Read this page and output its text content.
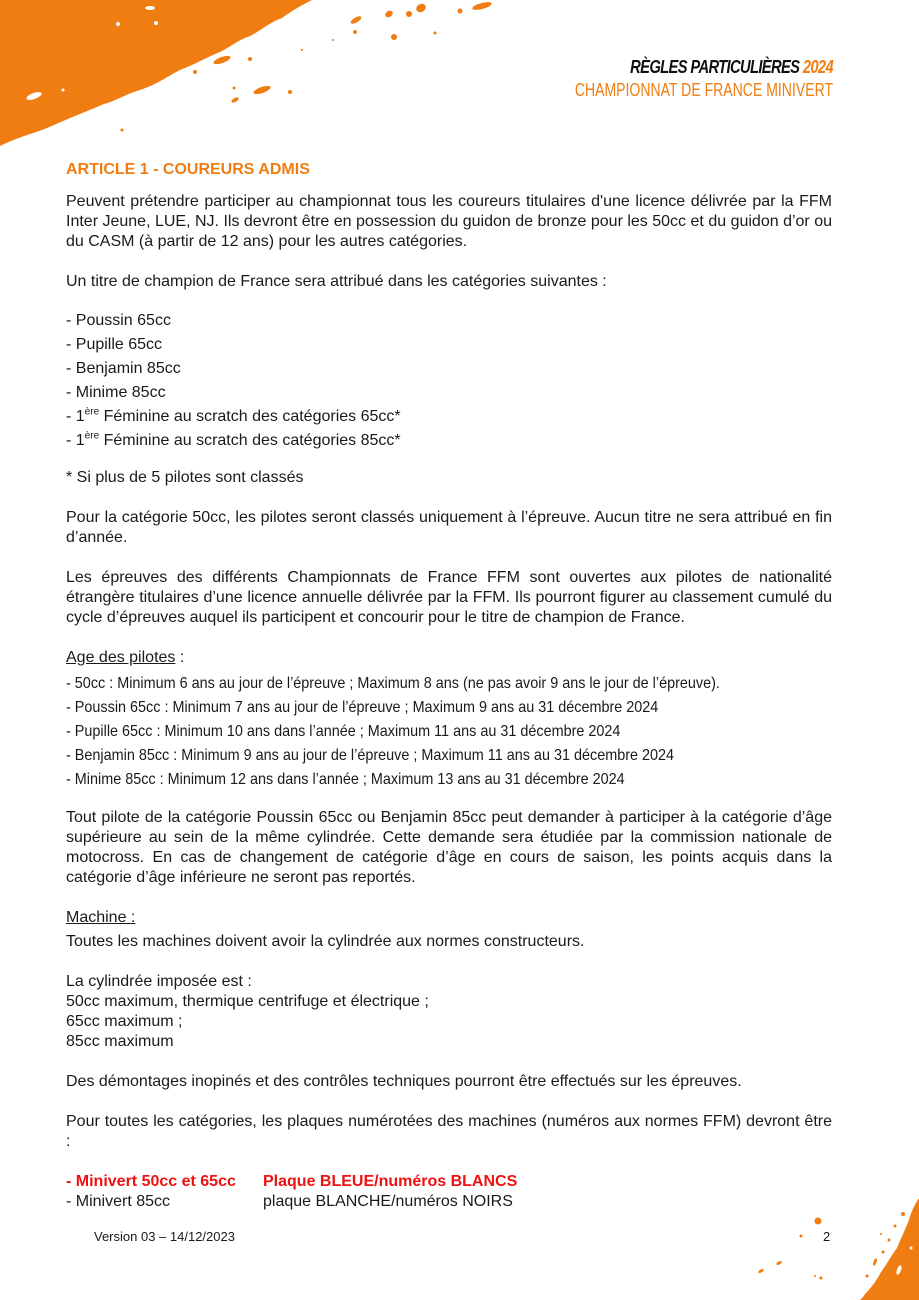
RÈGLES PARTICULIÈRES 2024
CHAMPIONNAT DE FRANCE MINIVERT
ARTICLE 1 - COUREURS ADMIS

Peuvent prétendre participer au championnat tous les coureurs titulaires d'une licence délivrée par la FFM Inter Jeune, LUE, NJ. Ils devront être en possession du guidon de bronze pour les 50cc et du guidon d’or ou du CASM (à partir de 12 ans) pour les autres catégories.

Un titre de champion de France sera attribué dans les catégories suivantes :

- Poussin 65cc
- Pupille 65cc
- Benjamin 85cc
- Minime 85cc
- 1ère Féminine au scratch des catégories 65cc*
- 1ère Féminine au scratch des catégories 85cc*

* Si plus de 5 pilotes sont classés

Pour la catégorie 50cc, les pilotes seront classés uniquement à l’épreuve. Aucun titre ne sera attribué en fin d’année.

Les épreuves des différents Championnats de France FFM sont ouvertes aux pilotes de nationalité étrangère titulaires d’une licence annuelle délivrée par la FFM. Ils pourront figurer au classement cumulé du cycle d’épreuves auquel ils participent et concourir pour le titre de champion de France.

Age des pilotes :

- 50cc : Minimum 6 ans au jour de l’épreuve ; Maximum 8 ans (ne pas avoir 9 ans le jour de l’épreuve).
- Poussin 65cc : Minimum 7 ans au jour de l’épreuve ; Maximum 9 ans au 31 décembre 2024
- Pupille 65cc : Minimum 10 ans dans l’année ; Maximum 11 ans au 31 décembre 2024
- Benjamin 85cc : Minimum 9 ans au jour de l’épreuve ; Maximum 11 ans au 31 décembre 2024
- Minime 85cc : Minimum 12 ans dans l’année ; Maximum 13 ans au 31 décembre 2024

Tout pilote de la catégorie Poussin 65cc ou Benjamin 85cc peut demander à participer à la catégorie d’âge supérieure au sein de la même cylindrée. Cette demande sera étudiée par la commission nationale de motocross. En cas de changement de catégorie d’âge en cours de saison, les points acquis dans la catégorie d’âge inférieure ne seront pas reportés.

Machine :

Toutes les machines doivent avoir la cylindrée aux normes constructeurs.

La cylindrée imposée est :

50cc maximum, thermique centrifuge et électrique ;

65cc maximum ;

85cc maximum

Des démontages inopinés et des contrôles techniques pourront être effectués sur les épreuves.

Pour toutes les catégories, les plaques numérotées des machines (numéros aux normes FFM) devront être :

- Minivert 50cc et 65cc	Plaque BLEUE/numéros BLANCS
- Minivert 85cc	plaque BLANCHE/numéros NOIRS
Version 03 – 14/12/2023	2
